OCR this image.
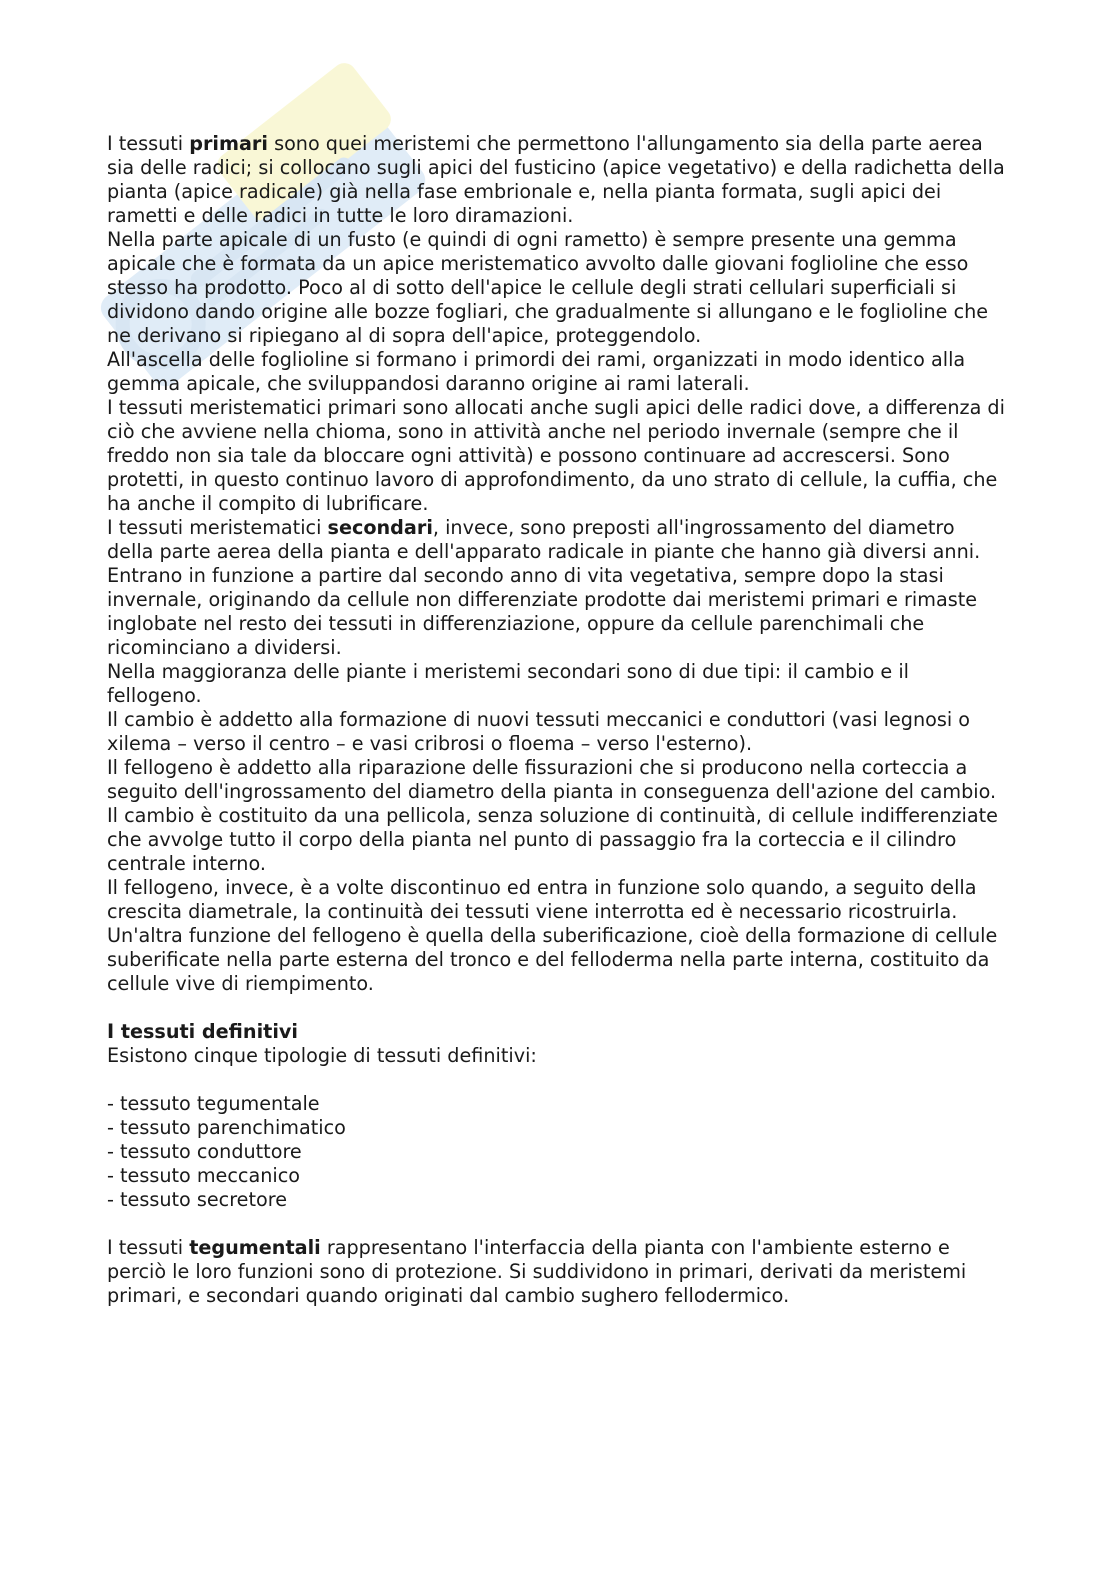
I tessuti primari sono quei meristemi che permettono l'allungamento sia della parte aerea sia delle radici; si collocano sugli apici del fusticino (apice vegetativo) e della radichetta della pianta (apice radicale) già nella fase embrionale e, nella pianta formata, sugli apici dei rametti e delle radici in tutte le loro diramazioni.

Nella parte apicale di un fusto (e quindi di ogni rametto) è sempre presente una gemma apicale che è formata da un apice meristematico avvolto dalle giovani foglioline che esso stesso ha prodotto. Poco al di sotto dell'apice le cellule degli strati cellulari superficiali si dividono dando origine alle bozze fogliari, che gradualmente si allungano e le foglioline che ne derivano si ripiegano al di sopra dell'apice, proteggendolo.

All'ascella delle foglioline si formano i primordi dei rami, organizzati in modo identico alla gemma apicale, che sviluppandosi daranno origine ai rami laterali.

I tessuti meristematici primari sono allocati anche sugli apici delle radici dove, a differenza di ciò che avviene nella chioma, sono in attività anche nel periodo invernale (sempre che il freddo non sia tale da bloccare ogni attività) e possono continuare ad accrescersi. Sono protetti, in questo continuo lavoro di approfondimento, da uno strato di cellule, la cuffia, che ha anche il compito di lubrificare.

I tessuti meristematici secondari, invece, sono preposti all'ingrossamento del diametro della parte aerea della pianta e dell'apparato radicale in piante che hanno già diversi anni.

Entrano in funzione a partire dal secondo anno di vita vegetativa, sempre dopo la stasi invernale, originando da cellule non differenziate prodotte dai meristemi primari e rimaste inglobate nel resto dei tessuti in differenziazione, oppure da cellule parenchimali che ricominciano a dividersi.

Nella maggioranza delle piante i meristemi secondari sono di due tipi: il cambio e il fellogeno.

Il cambio è addetto alla formazione di nuovi tessuti meccanici e conduttori (vasi legnosi o xilema – verso il centro – e vasi cribrosi o floema – verso l'esterno).

Il fellogeno è addetto alla riparazione delle fissurazioni che si producono nella corteccia a seguito dell'ingrossamento del diametro della pianta in conseguenza dell'azione del cambio.

Il cambio è costituito da una pellicola, senza soluzione di continuità, di cellule indifferenziate che avvolge tutto il corpo della pianta nel punto di passaggio fra la corteccia e il cilindro centrale interno.

Il fellogeno, invece, è a volte discontinuo ed entra in funzione solo quando, a seguito della crescita diametrale, la continuità dei tessuti viene interrotta ed è necessario ricostruirla. Un'altra funzione del fellogeno è quella della suberificazione, cioè della formazione di cellule suberificate nella parte esterna del tronco e del felloderma nella parte interna, costituito da cellule vive di riempimento.

I tessuti definitivi

Esistono cinque tipologie di tessuti definitivi:

- tessuto tegumentale
- tessuto parenchimatico
- tessuto conduttore
- tessuto meccanico
- tessuto secretore

I tessuti tegumentali rappresentano l'interfaccia della pianta con l'ambiente esterno e perciò le loro funzioni sono di protezione. Si suddividono in primari, derivati da meristemi primari, e secondari quando originati dal cambio sughero fellodermico.
